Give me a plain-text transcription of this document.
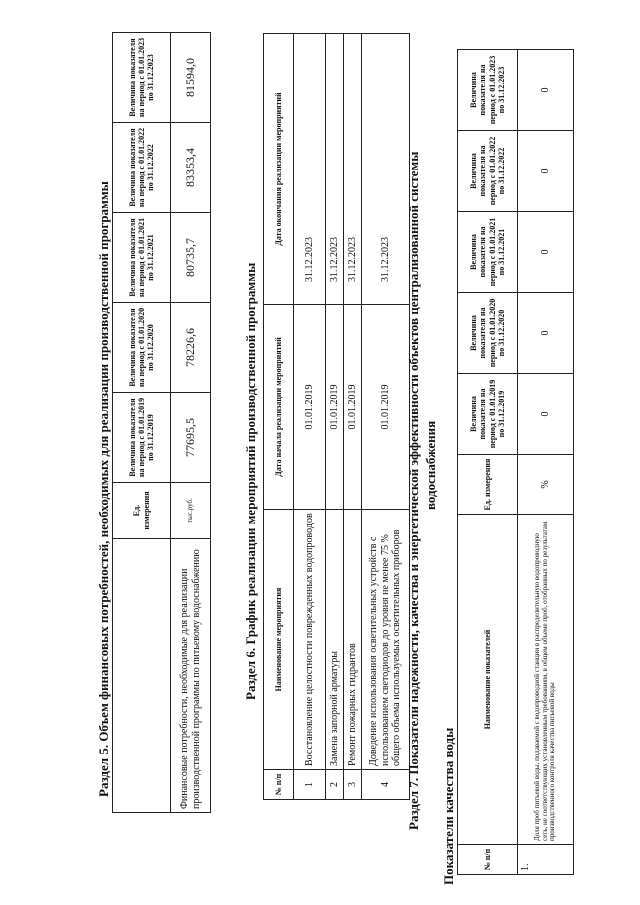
Раздел 5. Объем финансовых потребностей, необходимых для реализации производственной программы
		Ед. измерения	Величина показателя на период с 01.01.2019 по 31.12.2019	Величина показателя на период с 01.01.2020 по 31.12.2020	Величина показателя на период с 01.01.2021 по 31.12.2021	Величина показателя на период с 01.01.2022 по 31.12.2022	Величина показателя на период с 01.01.2023 по 31.12.2023
Финансовые потребности, необходимые для реализации производственной программы по питьевому водоснабжению	тыс.руб.	77695,5	78226,6	80735,7	83353,4	81594,0
Раздел 6. График реализации мероприятий производственной программы
№ п/п	Наименование мероприятия	Дата начала реализации мероприятий	Дата окончания реализации мероприятий
1	Восстановление целостности поврежденных водопроводов	01.01.2019	31.12.2023
2	Замена запорной арматуры	01.01.2019	31.12.2023
3	Ремонт пожарных гидрантов	01.01.2019	31.12.2023
4	Доведение использования осветительных устройств с использованием светодиодов до уровня не менее 75 % общего объема используемых осветительных приборов	01.01.2019	31.12.2023 Раздел 7. Показатели надежности, качества и энергетической эффективности объектов централизованной системы водоснабжения
Показатели качества воды	№ п/п	Наименование показателей	Ед. измерения	Величина показателя на период с 01.01.2019 по 31.12.2019	Величина показателя на период с 01.01.2020 по 31.12.2020	Величина показателя на период с 01.01.2021 по 31.12.2021	Величина показателя на период с 01.01.2022 по 31.12.2022	Величина показателя на период с 01.01.2023 по 31.12.2023
1.	Доля проб питьевой воды, подаваемой с водопроводной станции в распределительную водопроводную сеть, не соответствующих установленным требованиям, в общем объеме проб, отобранных по результатам производственного контроля качества питьевой воды	%	0	0	0	0	0
